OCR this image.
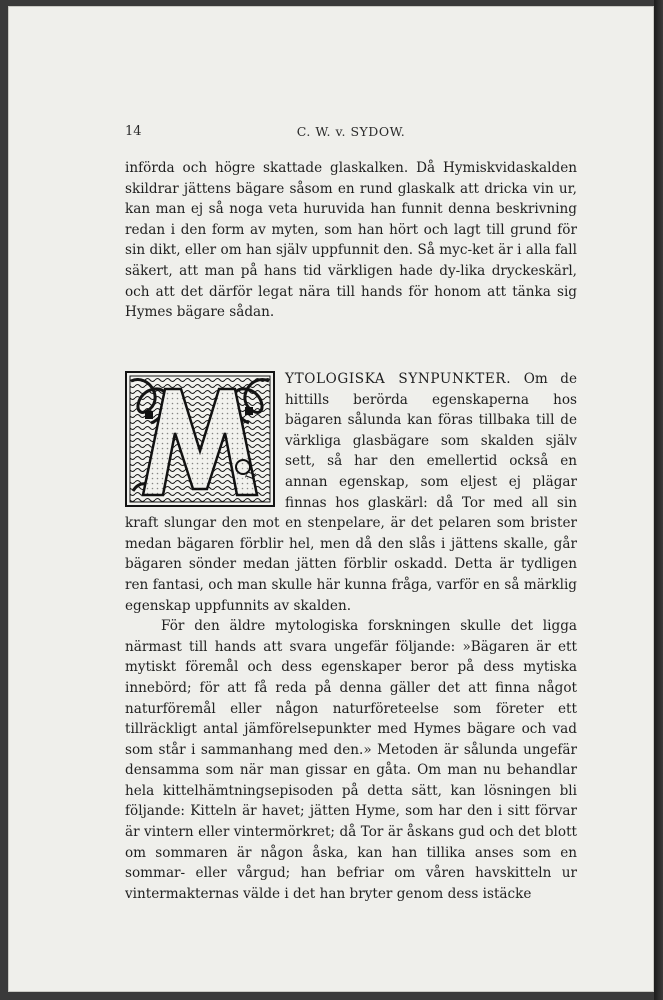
14	C. W. v. SYDOW.

införda och högre skattade glaskalken. Då Hymiskvidaskalden skildrar jättens bägare såsom en rund glaskalk att dricka vin ur, kan man ej så noga veta huruvida han funnit denna beskrivning redan i den form av myten, som han hört och lagt till grund för sin dikt, eller om han själv uppfunnit den. Så myc-ket är i alla fall säkert, att man på hans tid värkligen hade dy-lika dryckeskärl, och att det därför legat nära till hands för honom att tänka sig Hymes bägare sådan.

Il

YTOLOGISKA SYNPUNKTER. Om de hittills berörda egenskaperna hos bägaren sålunda kan föras tillbaka till de värkliga glasbägare som skalden själv sett, så har den emellertid också en annan egenskap, som eljest ej plägar finnas hos glaskärl: då Tor med all sin kraft slungar den mot en stenpelare, är det pelaren som brister medan bägaren förblir hel, men då den slås i jättens skalle, går bägaren sönder medan jätten förblir oskadd. Detta är tydligen ren fantasi, och man skulle här kunna fråga, varför en så märklig egenskap uppfunnits av skalden.

För den äldre mytologiska forskningen skulle det ligga närmast till hands att svara ungefär följande: »Bägaren är ett mytiskt föremål och dess egenskaper beror på dess mytiska innebörd; för att få reda på denna gäller det att finna något naturföremål eller någon naturföreteelse som företer ett tillräckligt antal jämförelsepunkter med Hymes bägare och vad som står i sammanhang med den.» Metoden är sålunda ungefär densamma som när man gissar en gåta. Om man nu behandlar hela kittelhämtningsepisoden på detta sätt, kan lösningen bli följande: Kitteln är havet; jätten Hyme, som har den i sitt förvar är vintern eller vintermörkret; då Tor är åskans gud och det blott om sommaren är någon åska, kan han tillika anses som en sommar- eller vårgud; han befriar om våren havskitteln ur vintermakternas välde i det han bryter genom dess istäcke
